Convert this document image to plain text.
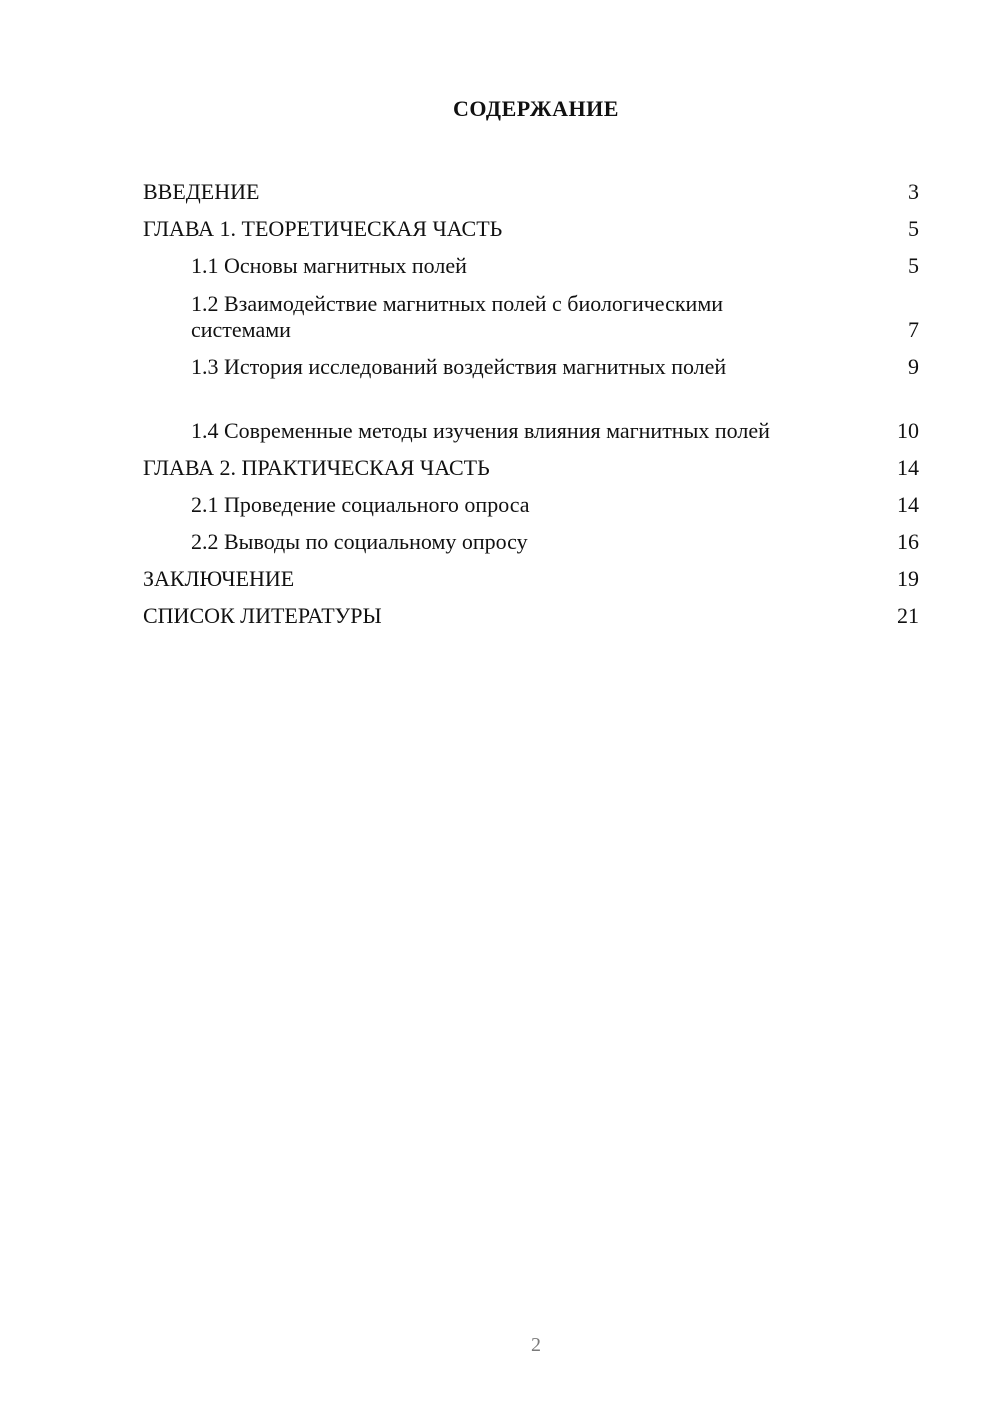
СОДЕРЖАНИЕ
ВВЕДЕНИЕ	3
ГЛАВА 1. ТЕОРЕТИЧЕСКАЯ ЧАСТЬ	5
1.1 Основы магнитных полей	5
1.2 Взаимодействие магнитных полей с биологическими системами	7
1.3 История исследований воздействия магнитных полей	9
1.4 Современные методы изучения влияния магнитных полей	10
ГЛАВА 2. ПРАКТИЧЕСКАЯ ЧАСТЬ	14
2.1 Проведение социального опроса	14
2.2 Выводы по социальному опросу	16
ЗАКЛЮЧЕНИЕ	19
СПИСОК ЛИТЕРАТУРЫ	21
2
